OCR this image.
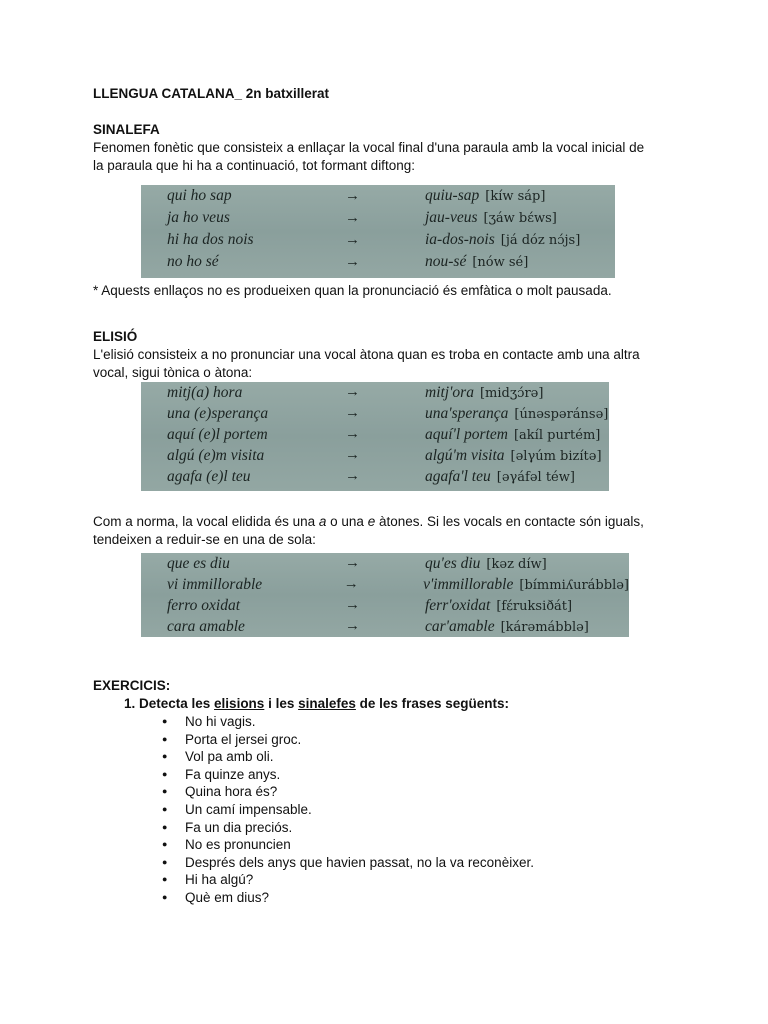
LLENGUA CATALANA_ 2n batxillerat

SINALEFA

Fenomen fonètic que consisteix a enllaçar la vocal final d'una paraula amb la vocal inicial de

la paraula que hi ha a continuació, tot formant diftong:

qui ho sap	→	quiu-sap [kíw sáp]
ja ho veus	→	jau-veus [ʒáw bɛ́ws]
hi ha dos nois	→	ia-dos-nois [já dóz nɔ́js]
no ho sé	→	nou-sé [nów sé]

* Aquests enllaços no es produeixen quan la pronunciació és emfàtica o molt pausada.

ELISIÓ

L'elisió consisteix a no pronunciar una vocal àtona quan es troba en contacte amb una altra

vocal, sigui tònica o àtona:

mitj(a) hora	→	mitj'ora [midʒɔ́rə]
una (e)sperança	→	una'sperança [únəspəránsə]
aquí (e)l portem	→	aquí'l portem [akíl purtém]
algú (e)m visita	→	algú'm visita [əlγúm bizítə]
agafa (e)l teu	→	agafa'l teu [əγáfəl téw]

Com a norma, la vocal elidida és una a o una e àtones. Si les vocals en contacte són iguals,

tendeixen a reduir-se en una de sola:

que es diu	→	qu'es diu [kəz díw]
vi immillorable	→	v'immillorable [bímmiʎurábblə]
ferro oxidat	→	ferr'oxidat [fέruksiðát]
cara amable	→	car'amable [kárəmábblə]

EXERCICIS:

1. Detecta les elisions i les sinalefes de les frases següents:
● No hi vagis.
● Porta el jersei groc.
● Vol pa amb oli.
● Fa quinze anys.
● Quina hora és?
● Un camí impensable.
● Fa un dia preciós.
● No es pronuncien
● Després dels anys que havien passat, no la va reconèixer.
● Hi ha algú?
● Què em dius?
